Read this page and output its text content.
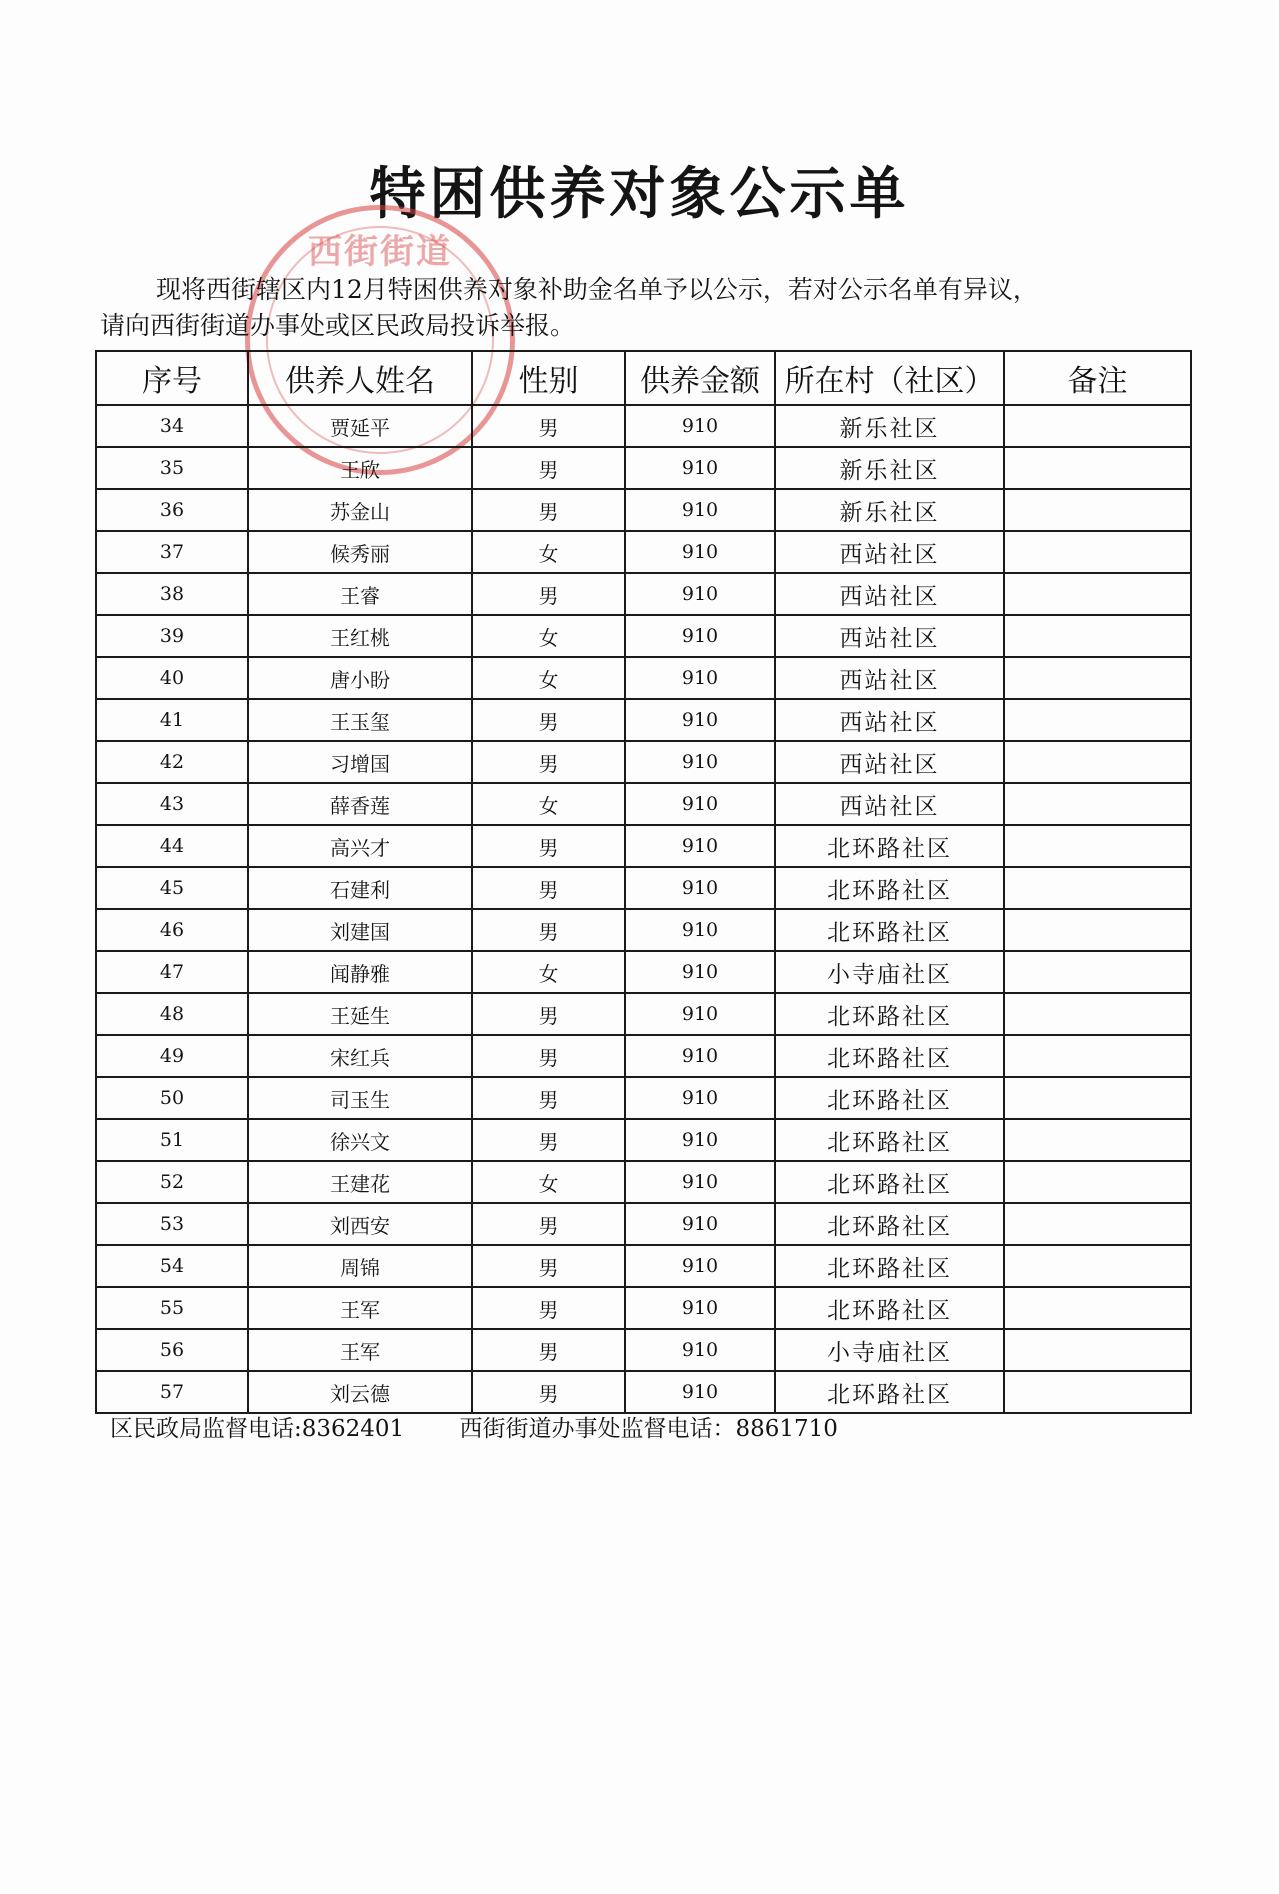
特困供养对象公示单
西街街道
现将西街辖区内12月特困供养对象补助金名单予以公示，若对公示名单有异议，
请向西街街道办事处或区民政局投诉举报。
序号	供养人姓名	性别	供养金额	所在村（社区）	备注
34	贾延平	男	910	新乐社区	
35	王欣	男	910	新乐社区	
36	苏金山	男	910	新乐社区	
37	候秀丽	女	910	西站社区	
38	王睿	男	910	西站社区	
39	王红桃	女	910	西站社区	
40	唐小盼	女	910	西站社区	
41	王玉玺	男	910	西站社区	
42	习增国	男	910	西站社区	
43	薛香莲	女	910	西站社区	
44	高兴才	男	910	北环路社区	
45	石建利	男	910	北环路社区	
46	刘建国	男	910	北环路社区	
47	闻静雅	女	910	小寺庙社区	
48	王延生	男	910	北环路社区	
49	宋红兵	男	910	北环路社区	
50	司玉生	男	910	北环路社区	
51	徐兴文	男	910	北环路社区	
52	王建花	女	910	北环路社区	
53	刘西安	男	910	北环路社区	
54	周锦	男	910	北环路社区	
55	王军	男	910	北环路社区	
56	王军	男	910	小寺庙社区	
57	刘云德	男	910	北环路社区	
区民政局监督电话:8362401 西街街道办事处监督电话：8861710
